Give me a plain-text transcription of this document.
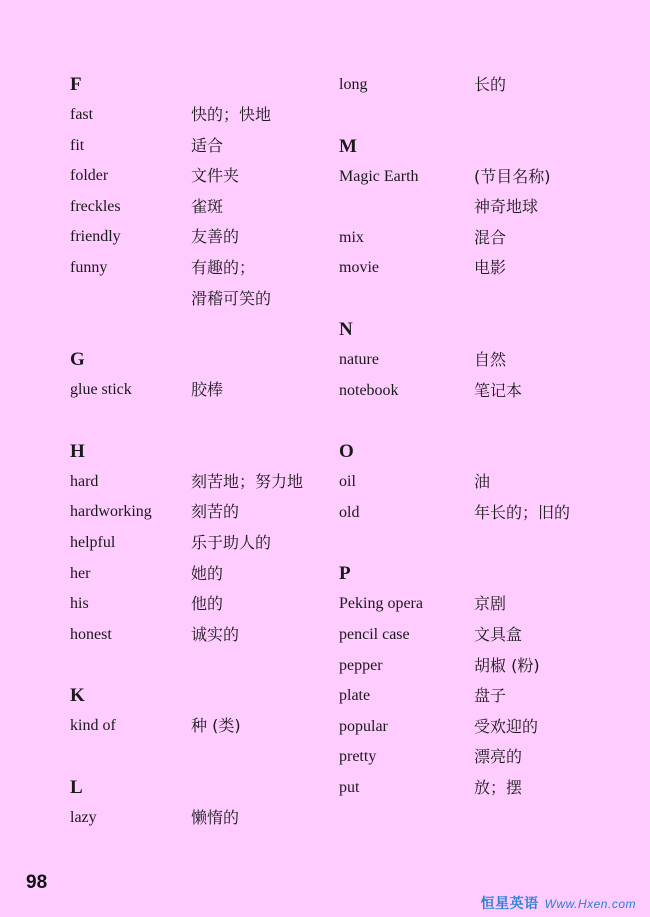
F
fast	快的；快地
fit	适合
folder	文件夹
freckles	雀斑
friendly	友善的
funny	有趣的；
滑稽可笑的
G
glue stick	胶棒
H
hard	刻苦地；努力地
hardworking	刻苦的
helpful	乐于助人的
her	她的
his	他的
honest	诚实的
K
kind of	种 (类)
L
lazy	懒惰的
long	长的
M
Magic Earth	(节目名称)
神奇地球
mix	混合
movie	电影
N
nature	自然
notebook	笔记本
O
oil	油
old	年长的；旧的
P
Peking opera	京剧
pencil case	文具盒
pepper	胡椒 (粉)
plate	盘子
popular	受欢迎的
pretty	漂亮的
put	放；摆
98
恒星英语 Www.Hxen.com
